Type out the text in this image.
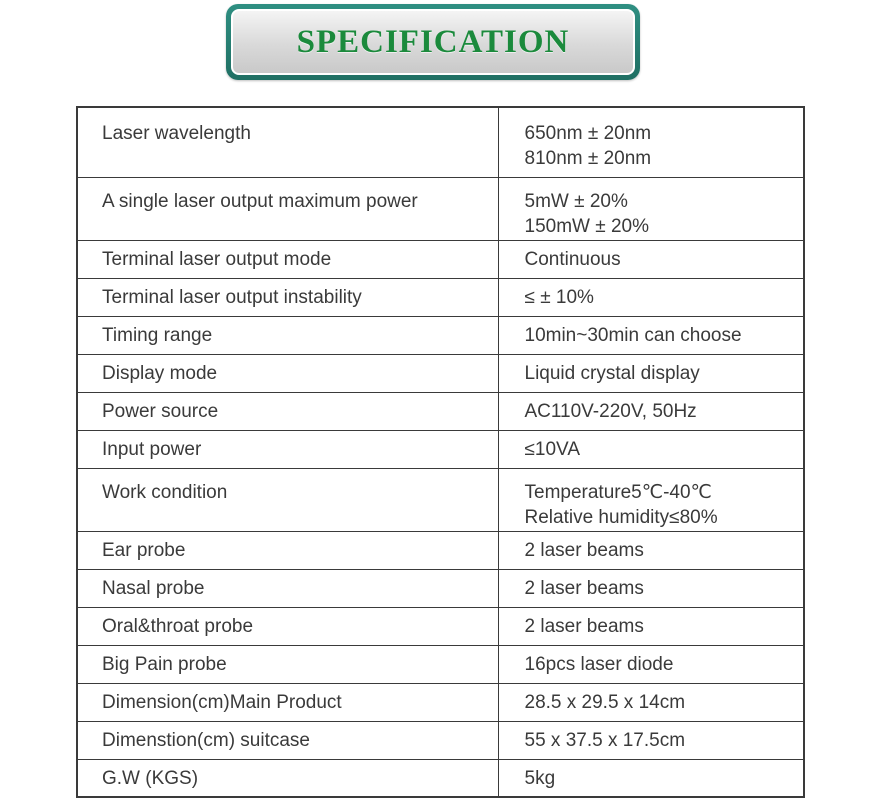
SPECIFICATION
Laser wavelength	650nm ± 20nm
810nm ± 20nm

A single laser output maximum power	5mW ± 20%
150mW ± 20%

Terminal laser output mode	Continuous

Terminal laser output instability	≤ ± 10%

Timing range	10min~30min can choose

Display mode	Liquid crystal display

Power source	AC110V-220V, 50Hz

Input power	≤10VA

Work condition	Temperature5℃-40℃
Relative humidity≤80%

Ear probe	2 laser beams

Nasal probe	2 laser beams

Oral&throat probe	2 laser beams

Big Pain probe	16pcs laser diode

Dimension(cm)Main Product	28.5 x 29.5 x 14cm

Dimenstion(cm) suitcase	55 x 37.5 x 17.5cm

G.W (KGS)	5kg
